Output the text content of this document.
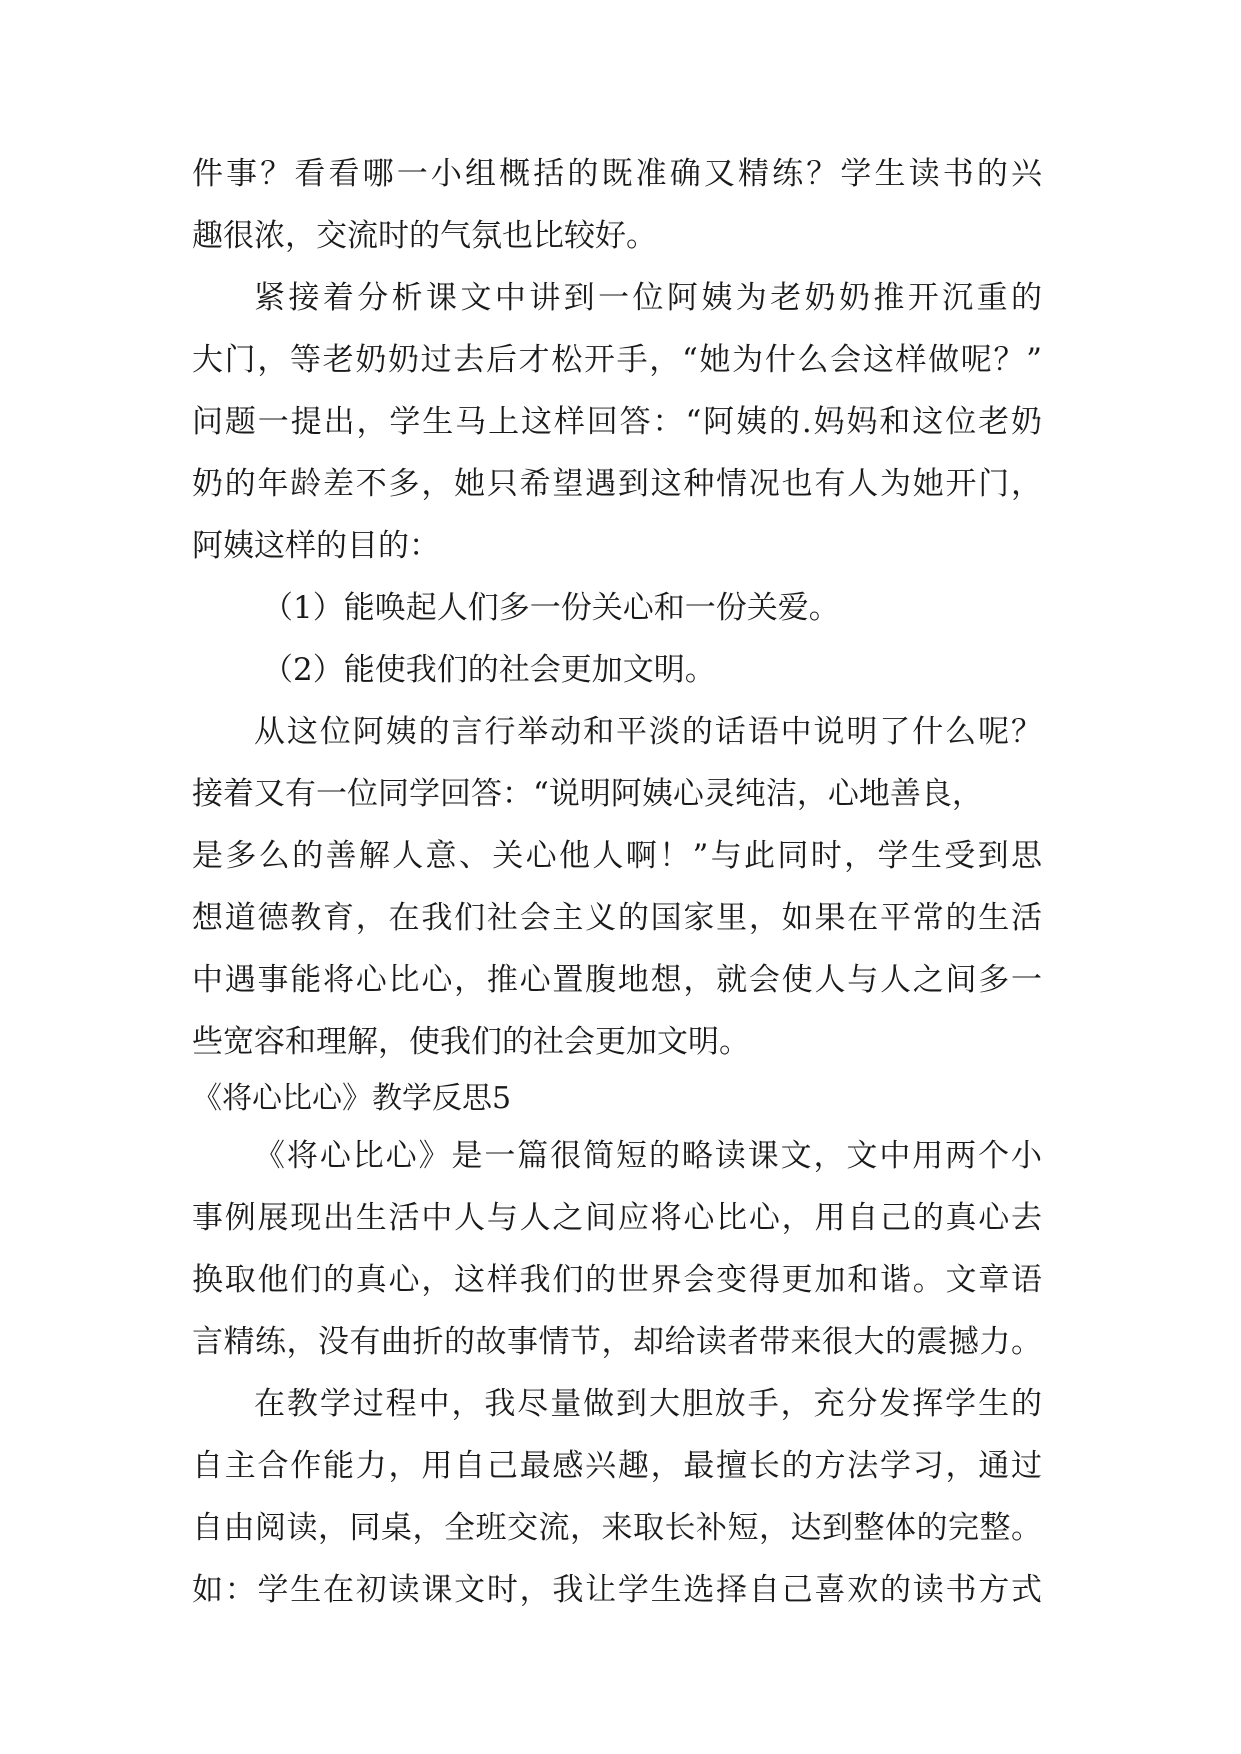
件事？看看哪一小组概括的既准确又精练？学生读书的兴
趣很浓，交流时的气氛也比较好。
紧接着分析课文中讲到一位阿姨为老奶奶推开沉重的
大门，等老奶奶过去后才松开手，“她为什么会这样做呢？”
问题一提出，学生马上这样回答：“阿姨的.妈妈和这位老奶
奶的年龄差不多，她只希望遇到这种情况也有人为她开门，
阿姨这样的目的：
（1）能唤起人们多一份关心和一份关爱。
（2）能使我们的社会更加文明。
从这位阿姨的言行举动和平淡的话语中说明了什么呢？
接着又有一位同学回答：“说明阿姨心灵纯洁，心地善良，
是多么的善解人意、关心他人啊！”与此同时，学生受到思
想道德教育，在我们社会主义的国家里，如果在平常的生活
中遇事能将心比心，推心置腹地想，就会使人与人之间多一
些宽容和理解，使我们的社会更加文明。
《将心比心》教学反思5
《将心比心》是一篇很简短的略读课文，文中用两个小
事例展现出生活中人与人之间应将心比心，用自己的真心去
换取他们的真心，这样我们的世界会变得更加和谐。文章语
言精练，没有曲折的故事情节，却给读者带来很大的震撼力。
在教学过程中，我尽量做到大胆放手，充分发挥学生的
自主合作能力，用自己最感兴趣，最擅长的方法学习，通过
自由阅读，同桌，全班交流，来取长补短，达到整体的完整。
如：学生在初读课文时，我让学生选择自己喜欢的读书方式
